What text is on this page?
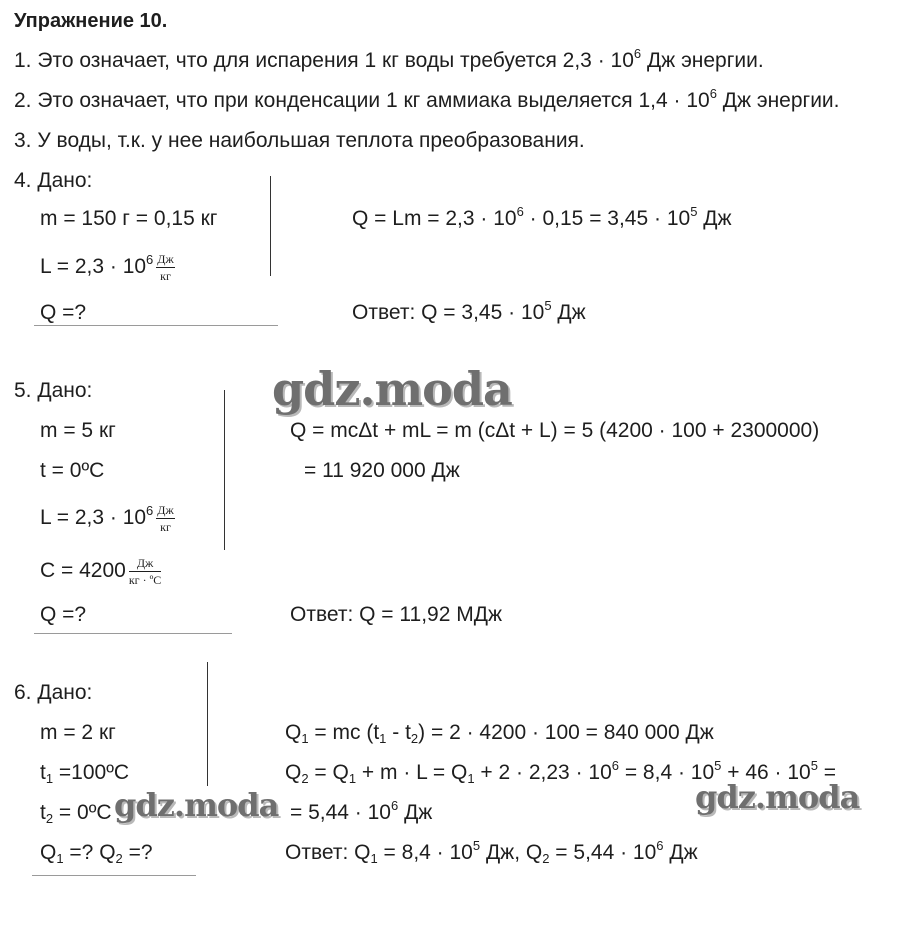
Упражнение 10.
1. Это означает, что для испарения 1 кг воды требуется $2,3 \cdot 10^6$ Дж энергии.
2. Это означает, что при конденсации 1 кг аммиака выделяется $1,4 \cdot 10^6$ Дж энергии.
3. У воды, т.к. у нее наибольшая теплота преобразования.
4. Дано:
m = 150 г = 0,15 кг
$L = 2,3 \cdot 10^6 \frac{Дж}{кг}$
Q =?
$Q = Lm = 2,3 \cdot 10^6 \cdot 0,15 = 3,45 \cdot 10^5$ Дж
Ответ: $Q = 3,45 \cdot 10^5$ Дж
5. Дано:
m = 5 кг
t = 0ºС
$L = 2,3 \cdot 10^6 \frac{Дж}{кг}$
$С = 4200 \frac{Дж}{\text{кг · ºС}}$
Q =?
Q = mcΔt + mL = m (cΔt + L) = 5 (4200 · 100 + 2300000)
= 11 920 000 Дж
Ответ: Q = 11,92 МДж
6. Дано:
m = 2 кг
$t_1$ =100ºС
$t_2$ = 0ºС
$Q_1$ =? $Q_2$ =?
$Q_1$ = mc $(t_1 - t_2) = 2 \cdot 4200 \cdot 100 = 840$ 000 Дж
$Q_2 = Q_1 + m \cdot L = Q_1 + 2 \cdot 2,23 \cdot 10^6 = 8,4 \cdot 10^5 + 46 \cdot 10^5$ =
= $5,44 \cdot 10^6$ Дж
Ответ: $Q_1 = 8,4 \cdot 10^5$ Дж, $Q_2 = 5,44 \cdot 10^6$ Дж
gdz.moda
gdz.moda	gdz.moda
